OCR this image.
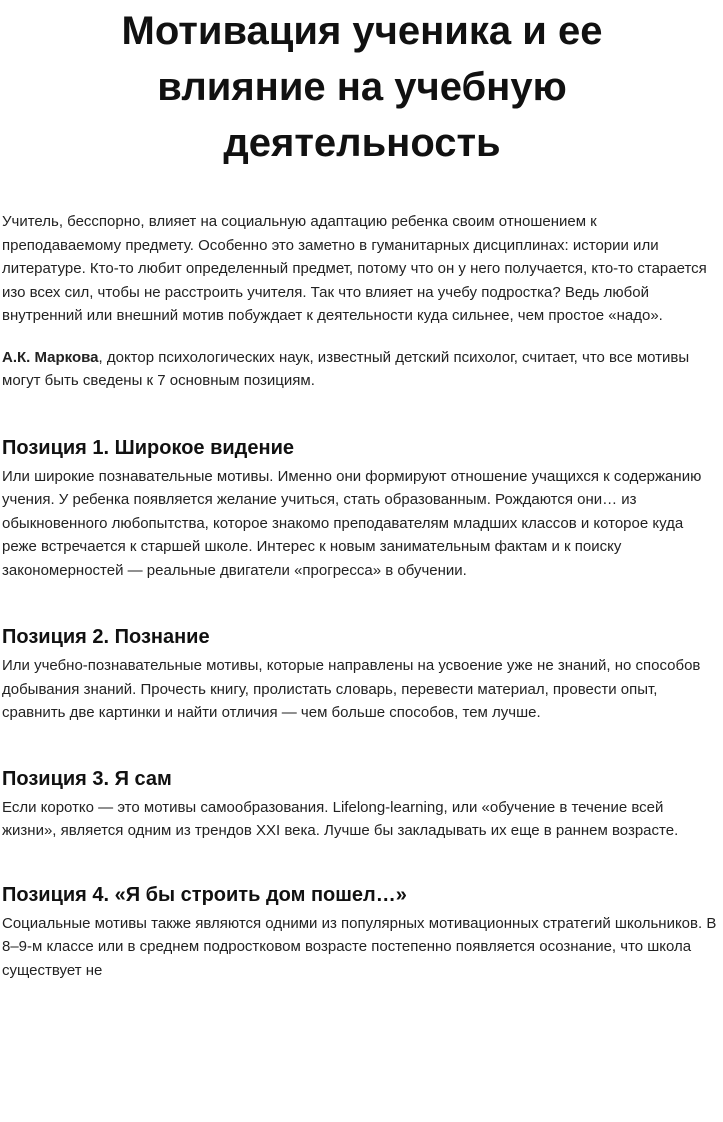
Мотивация ученика и ее влияние на учебную деятельность

Учитель, бесспорно, влияет на социальную адаптацию ребенка своим отношением к преподаваемому предмету. Особенно это заметно в гуманитарных дисциплинах: истории или литературе. Кто-то любит определенный предмет, потому что он у него получается, кто-то старается изо всех сил, чтобы не расстроить учителя. Так что влияет на учебу подростка? Ведь любой внутренний или внешний мотив побуждает к деятельности куда сильнее, чем простое «надо».

А.К. Маркова, доктор психологических наук, известный детский психолог, считает, что все мотивы могут быть сведены к 7 основным позициям.

Позиция 1. Широкое видение

Или широкие познавательные мотивы. Именно они формируют отношение учащихся к содержанию учения. У ребенка появляется желание учиться, стать образованным. Рождаются они… из обыкновенного любопытства, которое знакомо преподавателям младших классов и которое куда реже встречается к старшей школе. Интерес к новым занимательным фактам и к поиску закономерностей — реальные двигатели «прогресса» в обучении.

Позиция 2. Познание

Или учебно-познавательные мотивы, которые направлены на усвоение уже не знаний, но способов добывания знаний. Прочесть книгу, пролистать словарь, перевести материал, провести опыт, сравнить две картинки и найти отличия — чем больше способов, тем лучше.

Позиция 3. Я сам

Если коротко — это мотивы самообразования. Lifelong-learning, или «обучение в течение всей жизни», является одним из трендов XXI века. Лучше бы закладывать их еще в раннем возрасте.

Позиция 4. «Я бы строить дом пошел…»

Социальные мотивы также являются одними из популярных мотивационных стратегий школьников. В 8–9-м классе или в среднем подростковом возрасте постепенно появляется осознание, что школа существует не
